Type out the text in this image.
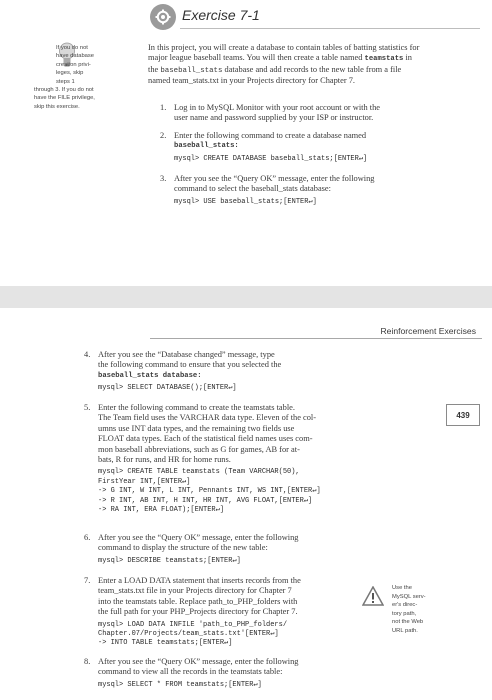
Exercise 7-1
If you do not
have database
creation privi-
leges, skip
steps 1
through 3. If you do not
have the FILE privilege,
skip this exercise.
In this project, you will create a database to contain tables of batting statistics for major league baseball teams. You will then create a table named teamstats in the baseball_stats database and add records to the new table from a file named team_stats.txt in your Projects directory for Chapter 7.
1. Log in to MySQL Monitor with your root account or with the
user name and password supplied by your ISP or instructor.
2. Enter the following command to create a database named
baseball_stats:
mysql> CREATE DATABASE baseball_stats;[ENTER↵]
3. After you see the “Query OK” message, enter the following
command to select the baseball_stats database:
mysql> USE baseball_stats;[ENTER↵]
Reinforcement Exercises
439
4. After you see the “Database changed” message, type
the following command to ensure that you selected the
baseball_stats database:
mysql> SELECT DATABASE();[ENTER↵]
5. Enter the following command to create the teamstats table.
The Team field uses the VARCHAR data type. Eleven of the col-
umns use INT data types, and the remaining two fields use
FLOAT data types. Each of the statistical field names uses com-
mon baseball abbreviations, such as G for games, AB for at-
bats, R for runs, and HR for home runs.
mysql> CREATE TABLE teamstats (Team VARCHAR(50),
FirstYear INT,[ENTER↵]
-> G INT, W INT, L INT, Pennants INT, WS INT,[ENTER↵]
-> R INT, AB INT, H INT, HR INT, AVG FLOAT,[ENTER↵]
-> RA INT, ERA FLOAT);[ENTER↵]
6. After you see the “Query OK” message, enter the following
command to display the structure of the new table:
mysql> DESCRIBE teamstats;[ENTER↵]
7. Enter a LOAD DATA statement that inserts records from the
team_stats.txt file in your Projects directory for Chapter 7
into the teamstats table. Replace path_to_PHP_folders with
the full path for your PHP_Projects directory for Chapter 7.
mysql> LOAD DATA INFILE 'path_to_PHP_folders/
Chapter.07/Projects/team_stats.txt'[ENTER↵]
-> INTO TABLE teamstats;[ENTER↵]
8. After you see the “Query OK” message, enter the following
command to view all the records in the teamstats table:
mysql> SELECT * FROM teamstats;[ENTER↵]
Use the
MySQL serv-
er's direc-
tory path,
not the Web
URL path.
